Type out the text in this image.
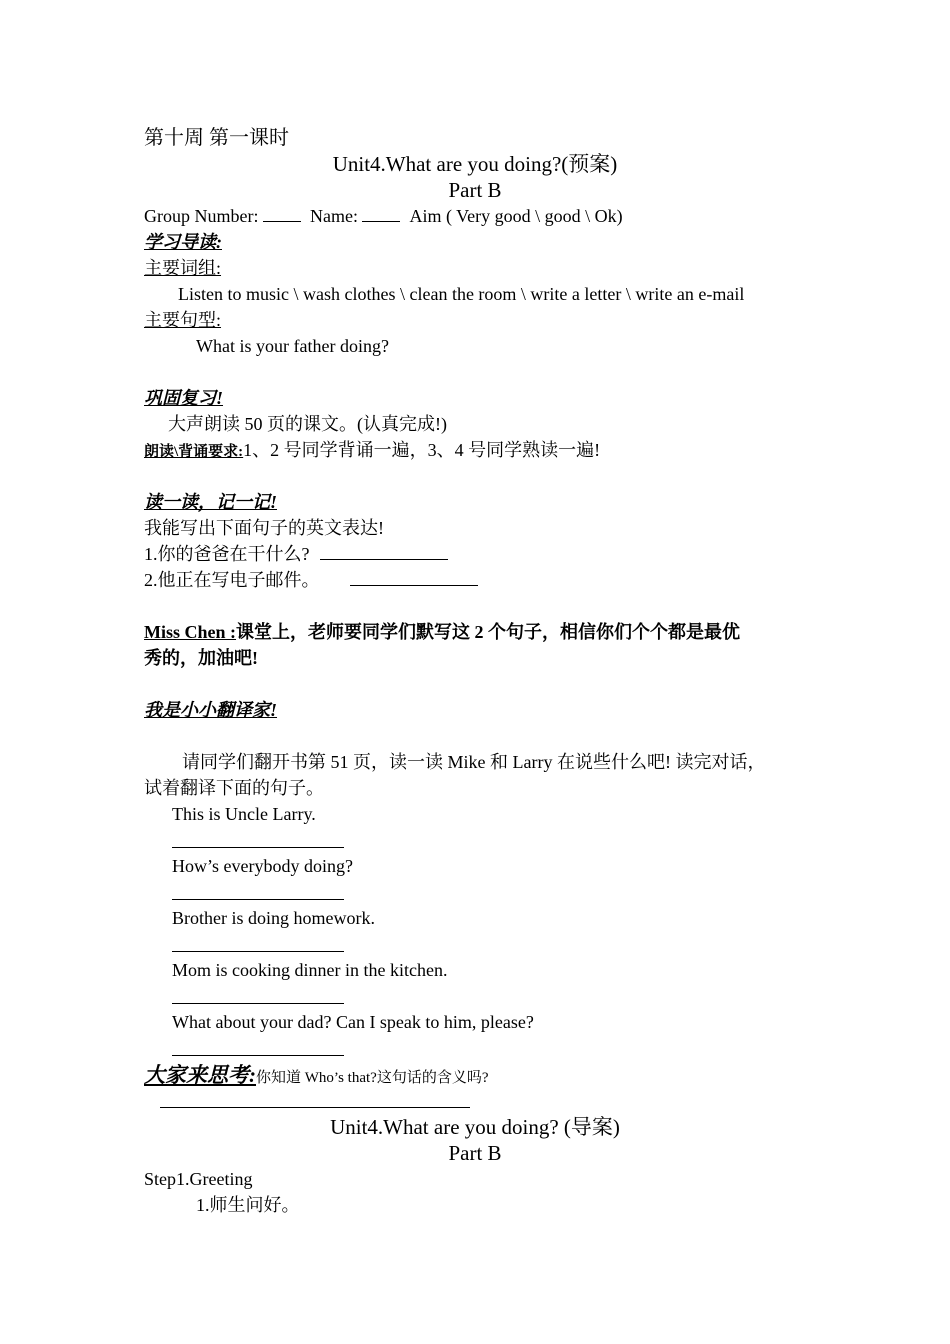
第十周 第一课时
Unit4.What are you doing?(预案)
Part B
Group Number:	Name:	Aim ( Very good \ good \ Ok)
学习导读:
主要词组:
Listen to music \ wash clothes \ clean the room \ write a letter \ write an e-mail
主要句型:
What is your father doing?
巩固复习!
大声朗读 50 页的课文。(认真完成!)
朗读\背诵要求:1、2 号同学背诵一遍，3、4 号同学熟读一遍!
读一读，记一记!
我能写出下面句子的英文表达!
1.你的爸爸在干什么?
2.他正在写电子邮件。
Miss Chen :课堂上，老师要同学们默写这 2 个句子，相信你们个个都是最优
秀的，加油吧!
我是小小翻译家!
请同学们翻开书第 51 页，读一读 Mike 和 Larry 在说些什么吧! 读完对话，
试着翻译下面的句子。
This is Uncle Larry.
How’s everybody doing?
Brother is doing homework.
Mom is cooking dinner in the kitchen.
What about your dad? Can I speak to him, please?
大家来思考:你知道 Who’s that?这句话的含义吗?
Unit4.What are you doing? (导案)
Part B
Step1.Greeting
1.师生问好。
